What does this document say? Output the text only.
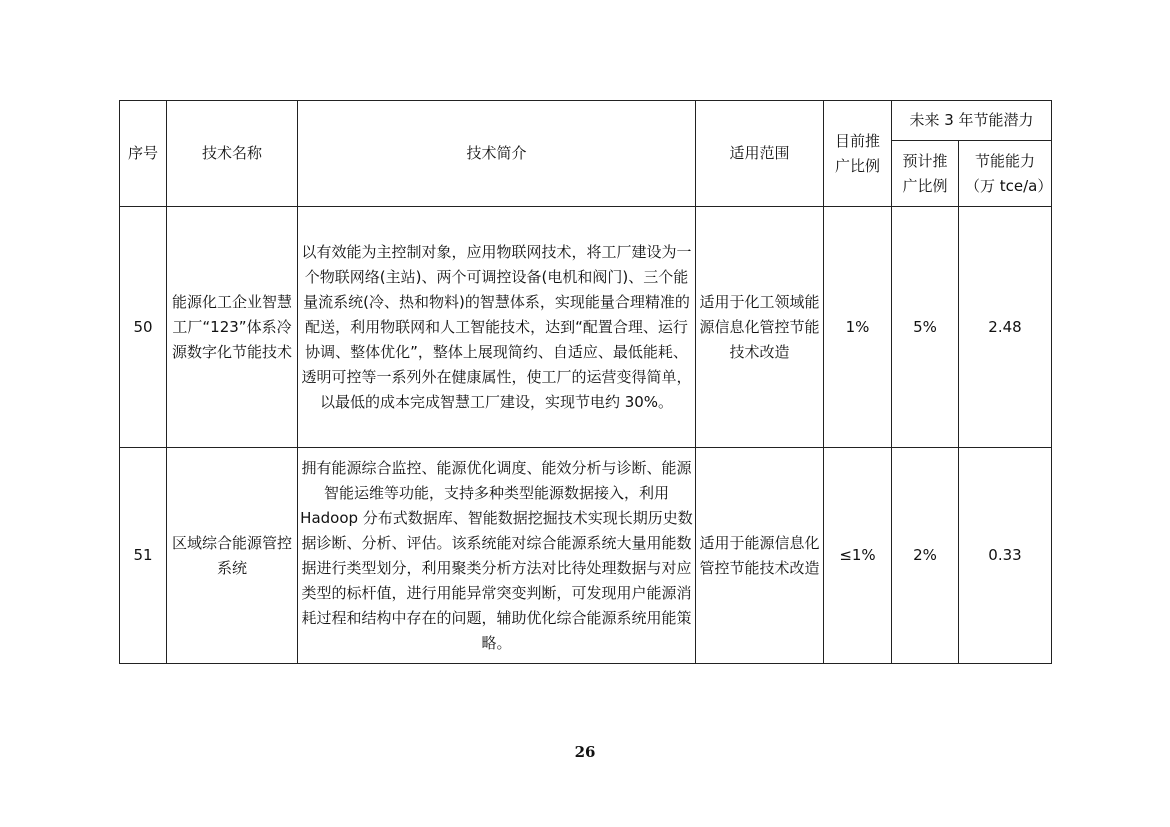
序号	技术名称	技术简介	适用范围	目前推广比例	未来 3 年节能潜力	
					预计推广比例	节能能力（万 tce/a）
50	能源化工企业智慧工厂“123”体系冷源数字化节能技术	以有效能为主控制对象，应用物联网技术，将工厂建设为一个物联网络(主站)、两个可调控设备(电机和阀门)、三个能量流系统(冷、热和物料)的智慧体系，实现能量合理精准的配送，利用物联网和人工智能技术，达到“配置合理、运行协调、整体优化”，整体上展现简约、自适应、最低能耗、透明可控等一系列外在健康属性，使工厂的运营变得简单，以最低的成本完成智慧工厂建设，实现节电约 30%。	适用于化工领域能源信息化管控节能技术改造	1%	5%	2.48
51	区域综合能源管控系统	拥有能源综合监控、能源优化调度、能效分析与诊断、能源智能运维等功能，支持多种类型能源数据接入，利用 Hadoop 分布式数据库、智能数据挖掘技术实现长期历史数据诊断、分析、评估。该系统能对综合能源系统大量用能数据进行类型划分，利用聚类分析方法对比待处理数据与对应类型的标杆值，进行用能异常突变判断，可发现用户能源消耗过程和结构中存在的问题，辅助优化综合能源系统用能策略。	适用于能源信息化管控节能技术改造	≤1%	2%	0.33
26
